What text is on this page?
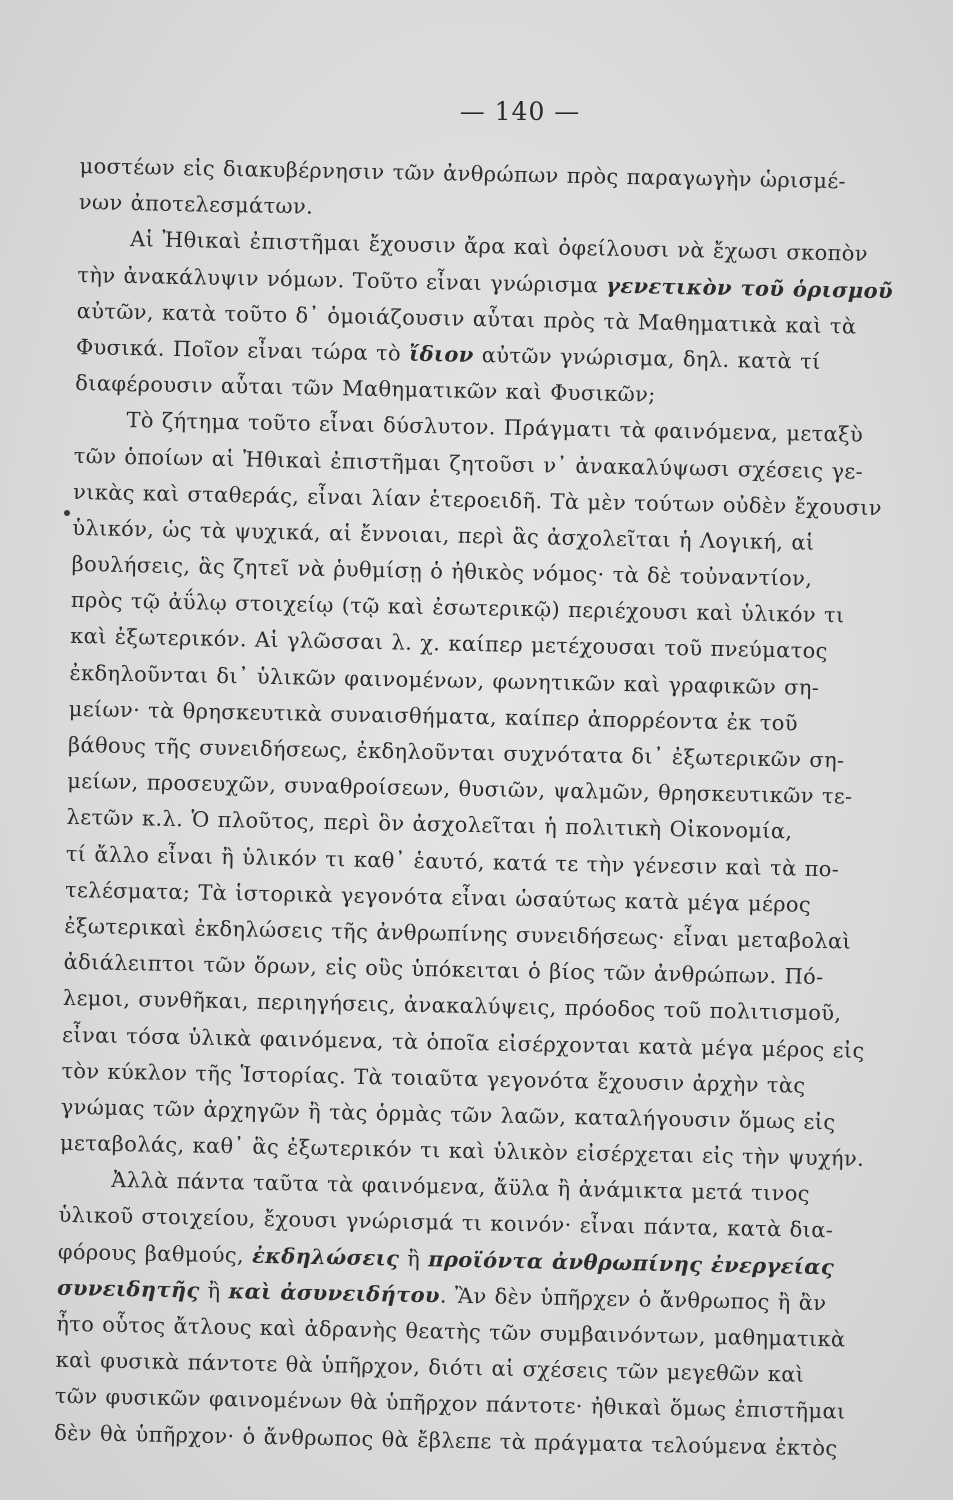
— 140 —
μοστέων εἰς διακυβέρνησιν τῶν ἀνθρώπων πρὸς παραγωγὴν ὡρισμέ-
νων ἀποτελεσμάτων.
Αἱ Ἠθικαὶ ἐπιστῆμαι ἔχουσιν ἄρα καὶ ὀφείλουσι νὰ ἔχωσι σκοπὸν
τὴν ἀνακάλυψιν νόμων. Τοῦτο εἶναι γνώρισμα γενετικὸν τοῦ ὁρισμοῦ
αὐτῶν, κατὰ τοῦτο δ᾽ ὁμοιάζουσιν αὗται πρὸς τὰ Μαθηματικὰ καὶ τὰ
Φυσικά. Ποῖον εἶναι τώρα τὸ ἴδιον αὐτῶν γνώρισμα, δηλ. κατὰ τί
διαφέρουσιν αὗται τῶν Μαθηματικῶν καὶ Φυσικῶν;
Τὸ ζήτημα τοῦτο εἶναι δύσλυτον. Πράγματι τὰ φαινόμενα, μεταξὺ
τῶν ὁποίων αἱ Ἠθικαὶ ἐπιστῆμαι ζητοῦσι ν᾽ ἀνακαλύψωσι σχέσεις γε-
νικὰς καὶ σταθεράς, εἶναι λίαν ἑτεροειδῆ. Τὰ μὲν τούτων οὐδὲν ἔχουσιν
ὑλικόν, ὡς τὰ ψυχικά, αἱ ἔννοιαι, περὶ ἃς ἀσχολεῖται ἡ Λογική, αἱ
βουλήσεις, ἃς ζητεῖ νὰ ῥυθμίσῃ ὁ ἠθικὸς νόμος· τὰ δὲ τοὐναντίον,
πρὸς τῷ ἀΰλῳ στοιχείῳ (τῷ καὶ ἐσωτερικῷ) περιέχουσι καὶ ὑλικόν τι
καὶ ἐξωτερικόν. Αἱ γλῶσσαι λ. χ. καίπερ μετέχουσαι τοῦ πνεύματος
ἐκδηλοῦνται δι᾽ ὑλικῶν φαινομένων, φωνητικῶν καὶ γραφικῶν ση-
μείων· τὰ θρησκευτικὰ συναισθήματα, καίπερ ἀπορρέοντα ἐκ τοῦ
βάθους τῆς συνειδήσεως, ἐκδηλοῦνται συχνότατα δι᾽ ἐξωτερικῶν ση-
μείων, προσευχῶν, συναθροίσεων, θυσιῶν, ψαλμῶν, θρησκευτικῶν τε-
λετῶν κ.λ. Ὁ πλοῦτος, περὶ ὃν ἀσχολεῖται ἡ πολιτικὴ Οἰκονομία,
τί ἄλλο εἶναι ἢ ὑλικόν τι καθ᾽ ἑαυτό, κατά τε τὴν γένεσιν καὶ τὰ πο-
τελέσματα; Τὰ ἱστορικὰ γεγονότα εἶναι ὡσαύτως κατὰ μέγα μέρος
ἐξωτερικαὶ ἐκδηλώσεις τῆς ἀνθρωπίνης συνειδήσεως· εἶναι μεταβολαὶ
ἀδιάλειπτοι τῶν ὅρων, εἰς οὓς ὑπόκειται ὁ βίος τῶν ἀνθρώπων. Πό-
λεμοι, συνθῆκαι, περιηγήσεις, ἀνακαλύψεις, πρόοδος τοῦ πολιτισμοῦ,
εἶναι τόσα ὑλικὰ φαινόμενα, τὰ ὁποῖα εἰσέρχονται κατὰ μέγα μέρος εἰς
τὸν κύκλον τῆς Ἱστορίας. Τὰ τοιαῦτα γεγονότα ἔχουσιν ἀρχὴν τὰς
γνώμας τῶν ἀρχηγῶν ἢ τὰς ὁρμὰς τῶν λαῶν, καταλήγουσιν ὅμως εἰς
μεταβολάς, καθ᾽ ἃς ἐξωτερικόν τι καὶ ὑλικὸν εἰσέρχεται εἰς τὴν ψυχήν.
Ἀλλὰ πάντα ταῦτα τὰ φαινόμενα, ἄϋλα ἢ ἀνάμικτα μετά τινος
ὑλικοῦ στοιχείου, ἔχουσι γνώρισμά τι κοινόν· εἶναι πάντα, κατὰ δια-
φόρους βαθμούς, ἐκδηλώσεις ἢ προϊόντα ἀνθρωπίνης ἐνεργείας
συνειδητῆς ἢ καὶ ἀσυνειδήτου. Ἂν δὲν ὑπῆρχεν ὁ ἄνθρωπος ἢ ἂν
ἦτο οὗτος ἄτλους καὶ ἀδρανὴς θεατὴς τῶν συμβαινόντων, μαθηματικὰ
καὶ φυσικὰ πάντοτε θὰ ὑπῆρχον, διότι αἱ σχέσεις τῶν μεγεθῶν καὶ
τῶν φυσικῶν φαινομένων θὰ ὑπῆρχον πάντοτε· ἠθικαὶ ὅμως ἐπιστῆμαι
δὲν θὰ ὑπῆρχον· ὁ ἄνθρωπος θὰ ἔβλεπε τὰ πράγματα τελούμενα ἐκτὸς
